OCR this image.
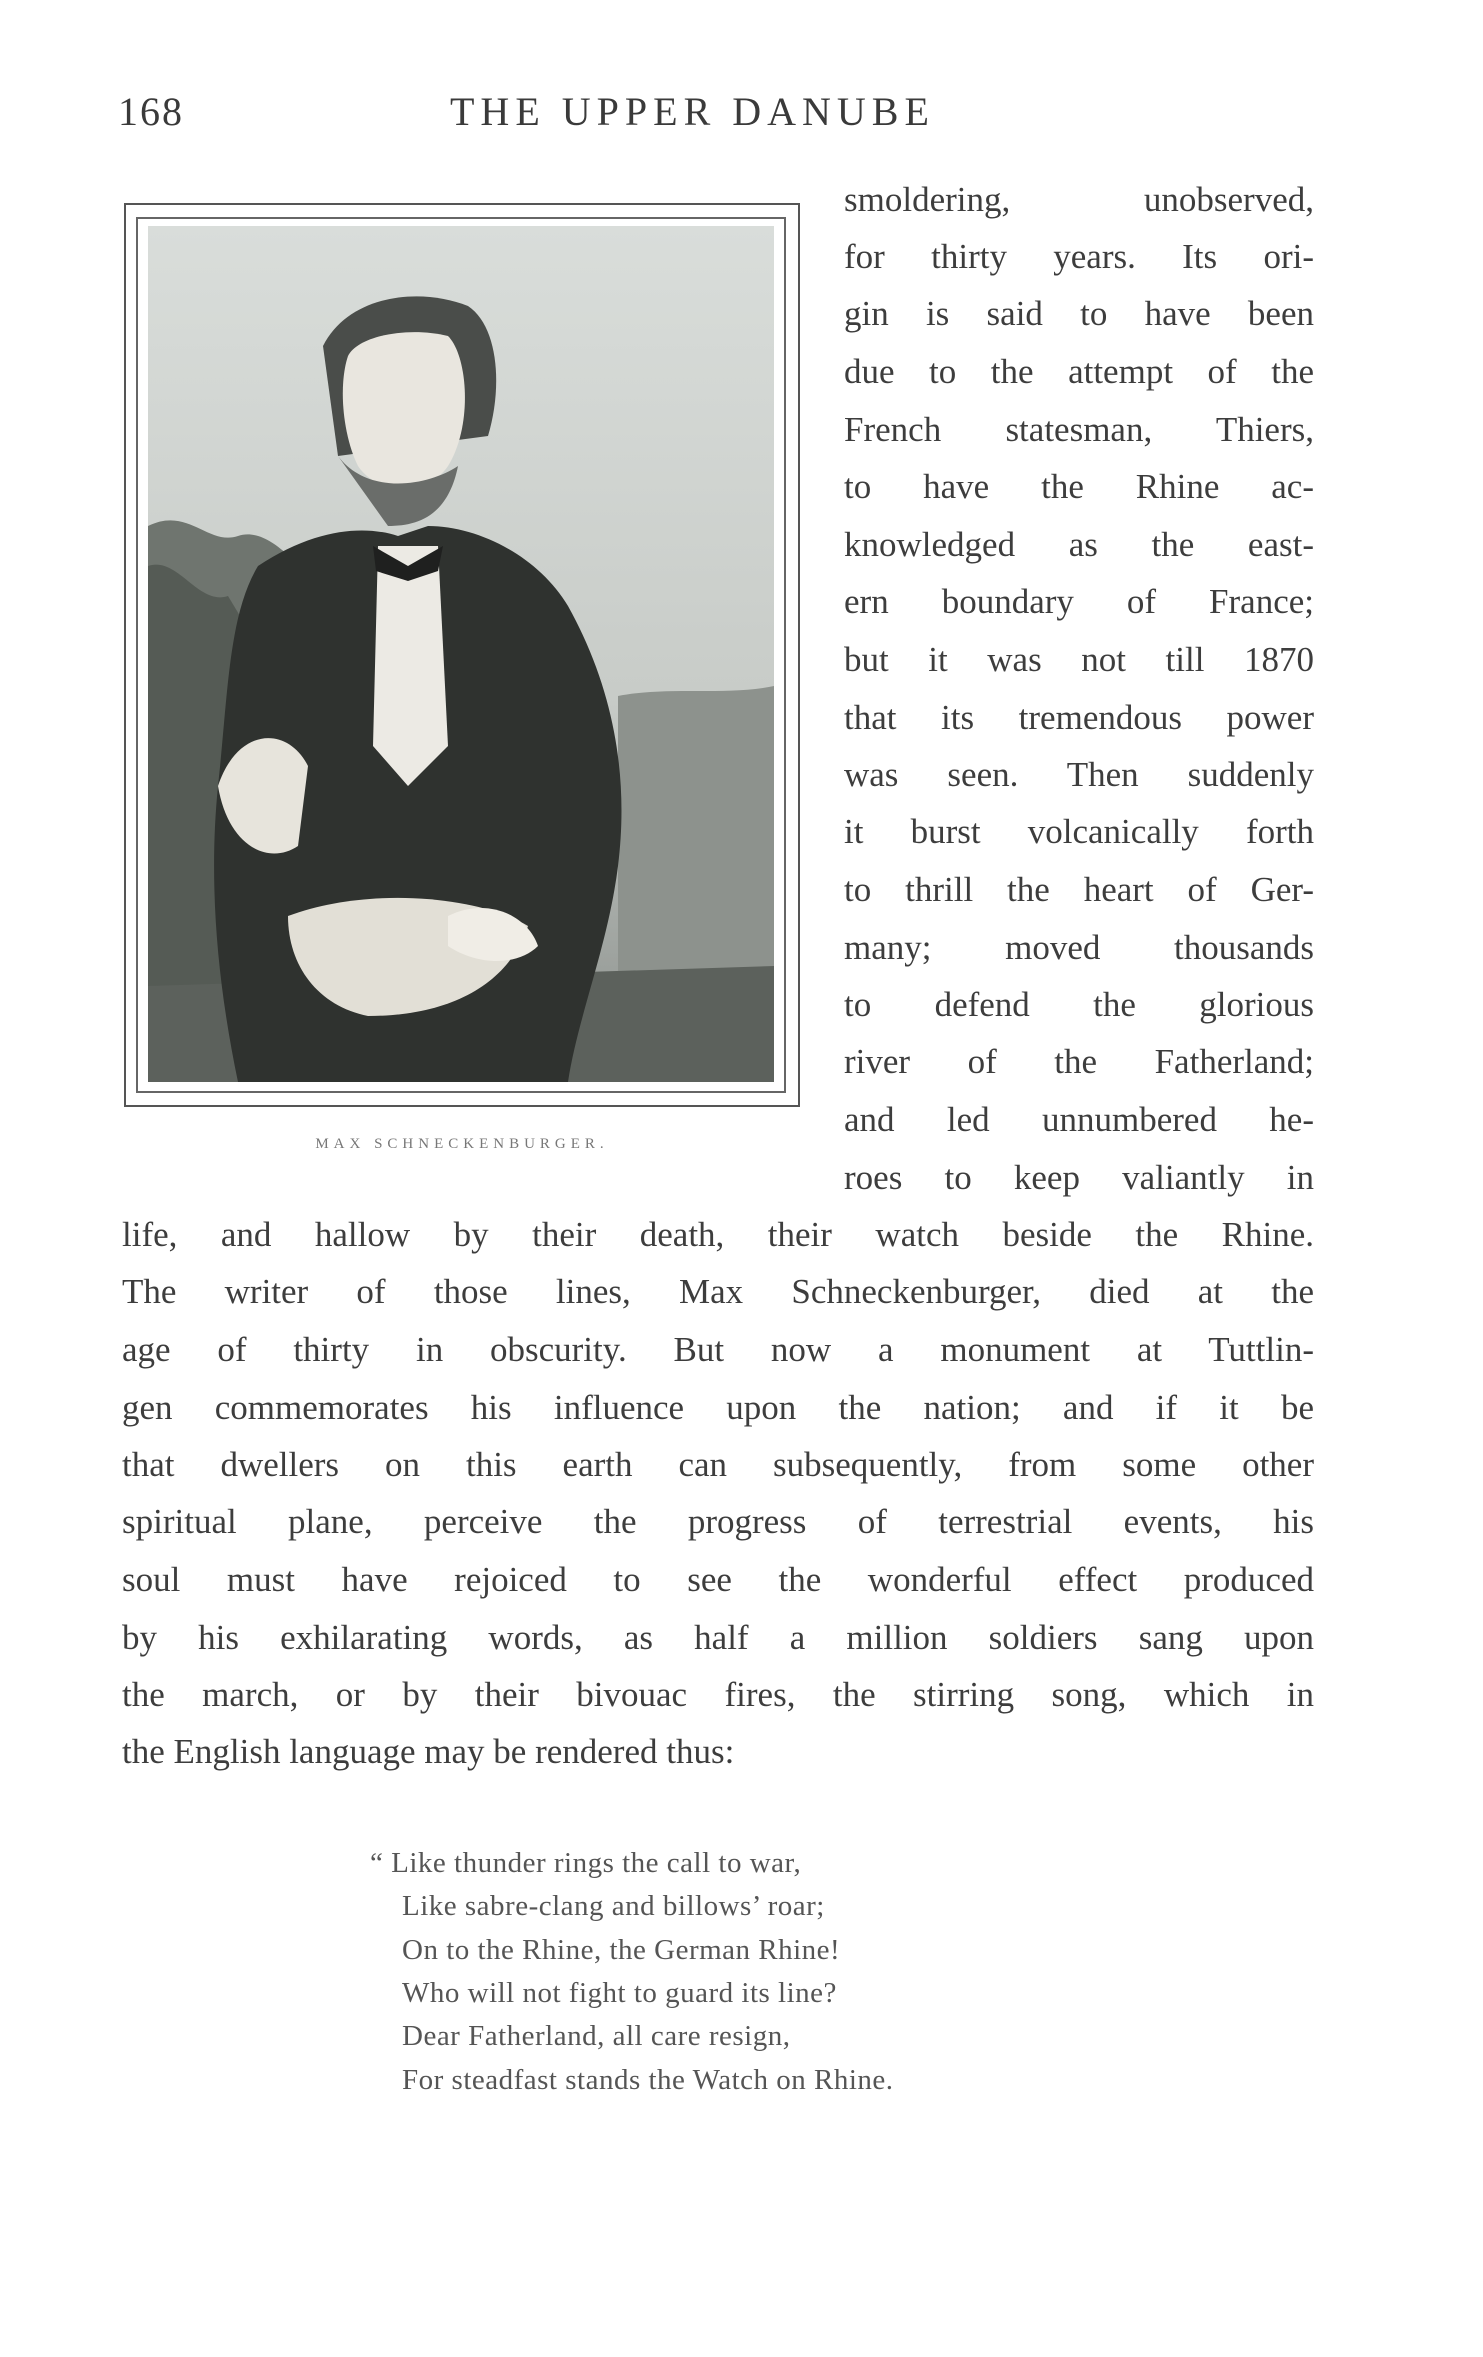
168	THE UPPER DANUBE
MAX SCHNECKENBURGER.
smoldering, unobserved,
for thirty years. Its ori-
gin is said to have been
due to the attempt of the
French statesman, Thiers,
to have the Rhine ac-
knowledged as the east-
ern boundary of France;
but it was not till 1870
that its tremendous power
was seen. Then suddenly
it burst volcanically forth
to thrill the heart of Ger-
many; moved thousands
to defend the glorious
river of the Fatherland;
and led unnumbered he-
roes to keep valiantly in
life, and hallow by their death, their watch beside the Rhine.
The writer of those lines, Max Schneckenburger, died at the
age of thirty in obscurity. But now a monument at Tuttlin-
gen commemorates his influence upon the nation; and if it be
that dwellers on this earth can subsequently, from some other
spiritual plane, perceive the progress of terrestrial events, his
soul must have rejoiced to see the wonderful effect produced
by his exhilarating words, as half a million soldiers sang upon
the march, or by their bivouac fires, the stirring song, which in
the English language may be rendered thus:
“ Like thunder rings the call to war,
Like sabre-clang and billows’ roar;
On to the Rhine, the German Rhine!
Who will not fight to guard its line?
Dear Fatherland, all care resign,
For steadfast stands the Watch on Rhine.
